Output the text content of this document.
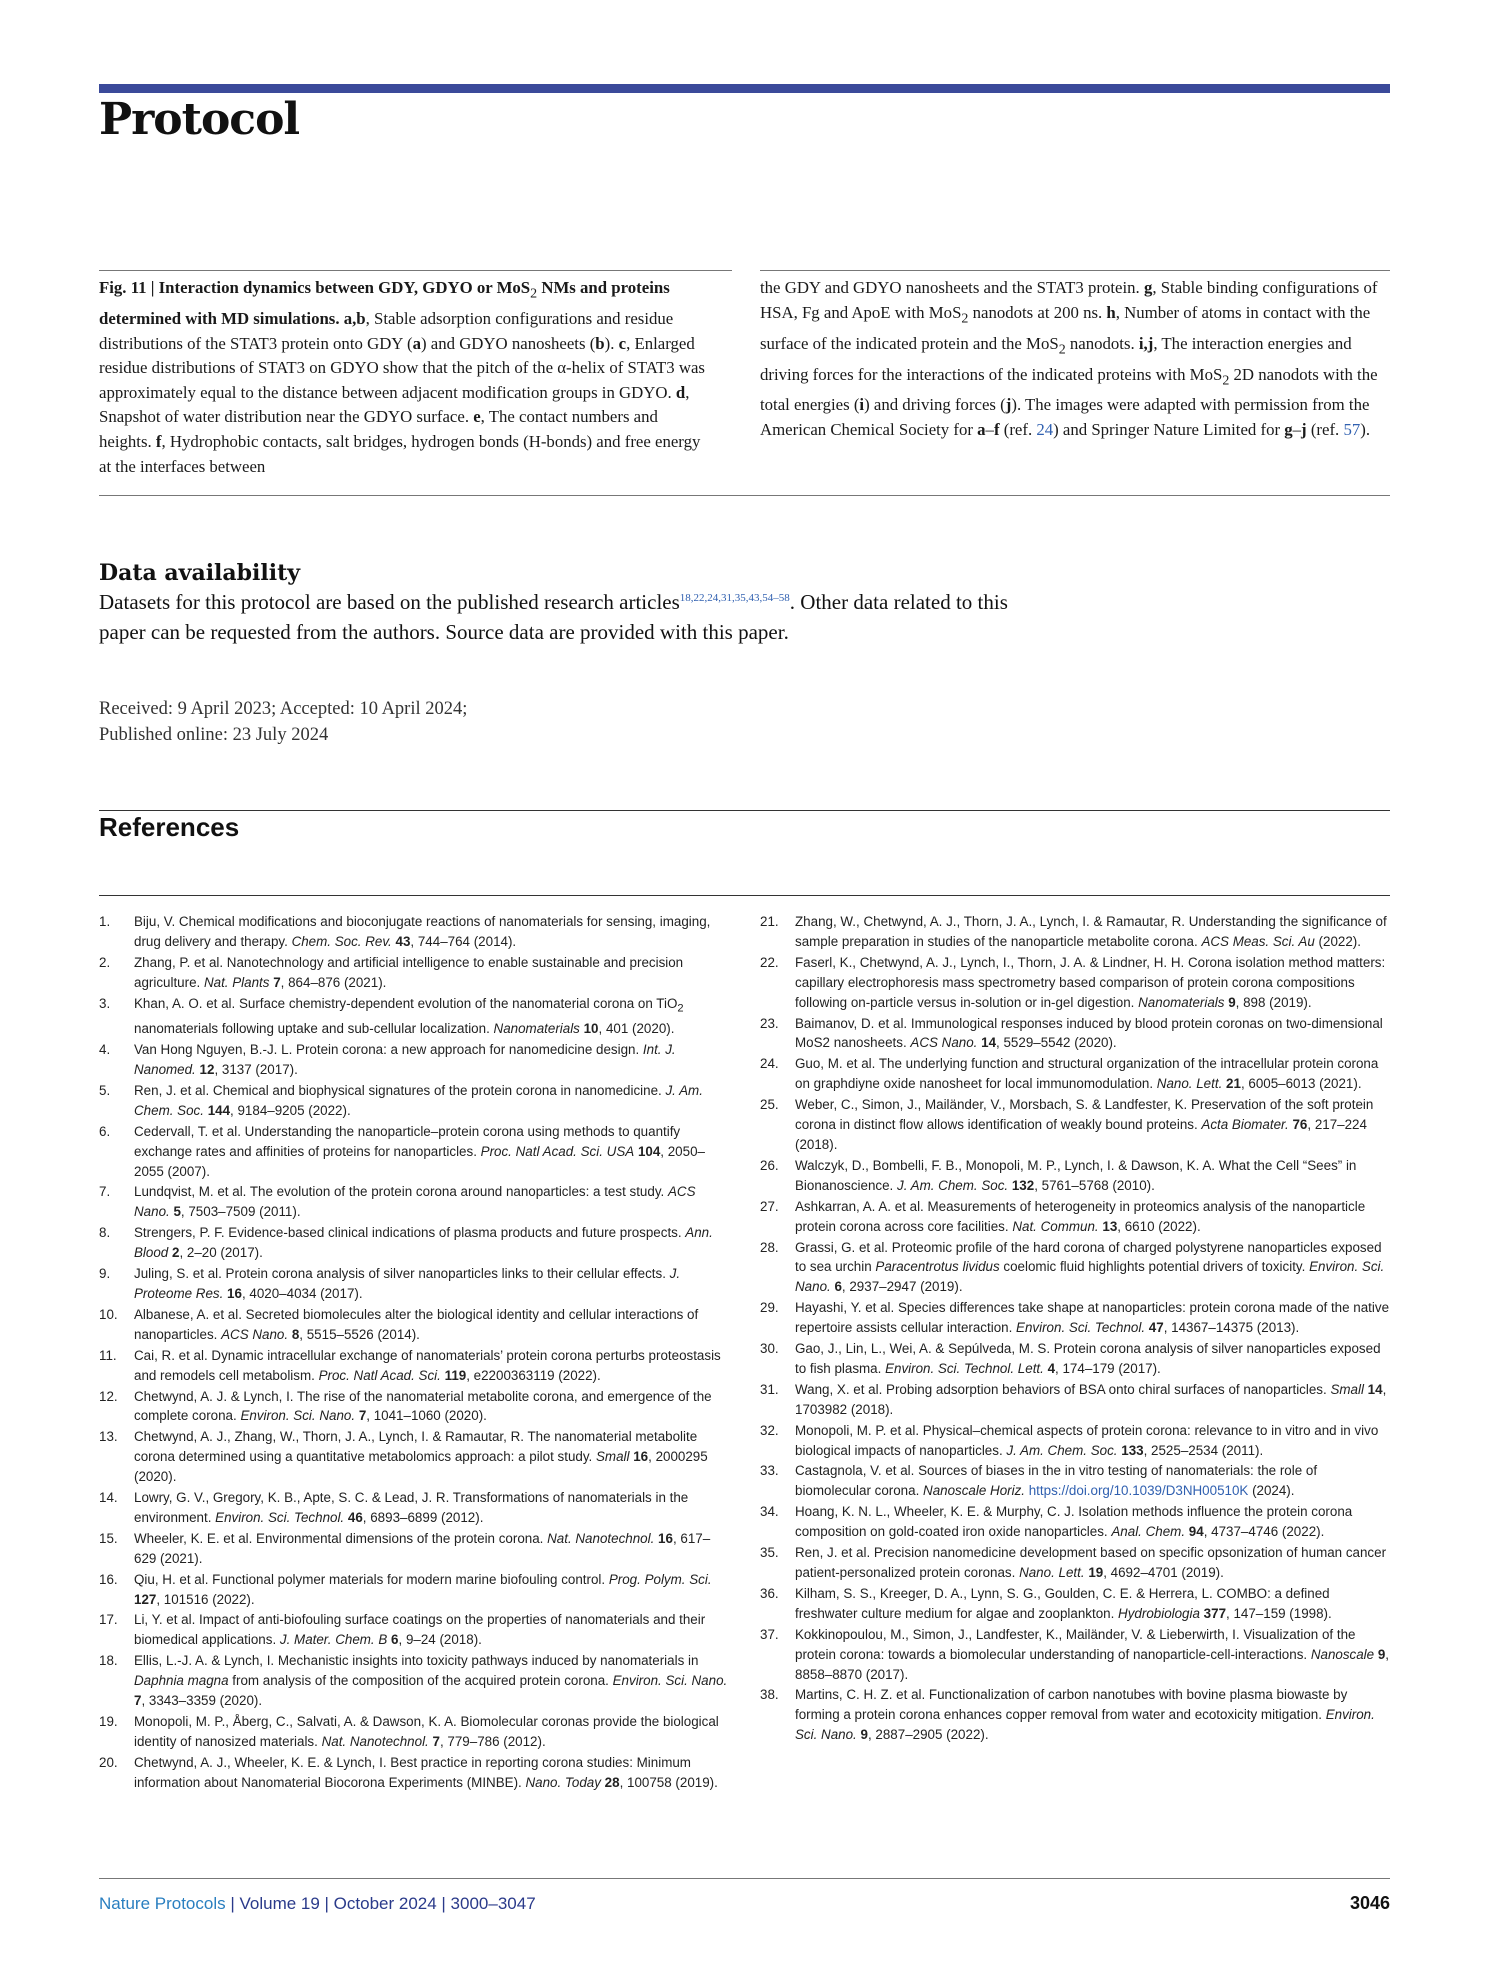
Protocol
Fig. 11 | Interaction dynamics between GDY, GDYO or MoS$_2$ NMs and proteins determined with MD simulations. a,b, Stable adsorption configurations and residue distributions of the STAT3 protein onto GDY (a) and GDYO nanosheets (b). c, Enlarged residue distributions of STAT3 on GDYO show that the pitch of the α-helix of STAT3 was approximately equal to the distance between adjacent modification groups in GDYO. d, Snapshot of water distribution near the GDYO surface. e, The contact numbers and heights. f, Hydrophobic contacts, salt bridges, hydrogen bonds (H-bonds) and free energy at the interfaces between
the GDY and GDYO nanosheets and the STAT3 protein. g, Stable binding configurations of HSA, Fg and ApoE with MoS$_2$ nanodots at 200 ns. h, Number of atoms in contact with the surface of the indicated protein and the MoS$_2$ nanodots. i,j, The interaction energies and driving forces for the interactions of the indicated proteins with MoS$_2$ 2D nanodots with the total energies (i) and driving forces (j). The images were adapted with permission from the American Chemical Society for a–f (ref. 24) and Springer Nature Limited for g–j (ref. 57).
Data availability

Datasets for this protocol are based on the published research articles$^{18,22,24,31,35,43,54-58}$. Other data related to this paper can be requested from the authors. Source data are provided with this paper.

Received: 9 April 2023; Accepted: 10 April 2024;
Published online: 23 July 2024
References
1.	Biju, V. Chemical modifications and bioconjugate reactions of nanomaterials for sensing, imaging, drug delivery and therapy. Chem. Soc. Rev. 43, 744–764 (2014).
2.	Zhang, P. et al. Nanotechnology and artificial intelligence to enable sustainable and precision agriculture. Nat. Plants 7, 864–876 (2021).
3.	Khan, A. O. et al. Surface chemistry-dependent evolution of the nanomaterial corona on TiO$_2$ nanomaterials following uptake and sub-cellular localization. Nanomaterials 10, 401 (2020).
4.	Van Hong Nguyen, B.-J. L. Protein corona: a new approach for nanomedicine design. Int. J. Nanomed. 12, 3137 (2017).
5.	Ren, J. et al. Chemical and biophysical signatures of the protein corona in nanomedicine. J. Am. Chem. Soc. 144, 9184–9205 (2022).
6.	Cedervall, T. et al. Understanding the nanoparticle–protein corona using methods to quantify exchange rates and affinities of proteins for nanoparticles. Proc. Natl Acad. Sci. USA 104, 2050–2055 (2007).
7.	Lundqvist, M. et al. The evolution of the protein corona around nanoparticles: a test study. ACS Nano. 5, 7503–7509 (2011).
8.	Strengers, P. F. Evidence-based clinical indications of plasma products and future prospects. Ann. Blood 2, 2–20 (2017).
9.	Juling, S. et al. Protein corona analysis of silver nanoparticles links to their cellular effects. J. Proteome Res. 16, 4020–4034 (2017).
10.	Albanese, A. et al. Secreted biomolecules alter the biological identity and cellular interactions of nanoparticles. ACS Nano. 8, 5515–5526 (2014).
11.	Cai, R. et al. Dynamic intracellular exchange of nanomaterials’ protein corona perturbs proteostasis and remodels cell metabolism. Proc. Natl Acad. Sci. 119, e2200363119 (2022).
12.	Chetwynd, A. J. & Lynch, I. The rise of the nanomaterial metabolite corona, and emergence of the complete corona. Environ. Sci. Nano. 7, 1041–1060 (2020).
13.	Chetwynd, A. J., Zhang, W., Thorn, J. A., Lynch, I. & Ramautar, R. The nanomaterial metabolite corona determined using a quantitative metabolomics approach: a pilot study. Small 16, 2000295 (2020).
14.	Lowry, G. V., Gregory, K. B., Apte, S. C. & Lead, J. R. Transformations of nanomaterials in the environment. Environ. Sci. Technol. 46, 6893–6899 (2012).
15.	Wheeler, K. E. et al. Environmental dimensions of the protein corona. Nat. Nanotechnol. 16, 617–629 (2021).
16.	Qiu, H. et al. Functional polymer materials for modern marine biofouling control. Prog. Polym. Sci. 127, 101516 (2022).
17.	Li, Y. et al. Impact of anti-biofouling surface coatings on the properties of nanomaterials and their biomedical applications. J. Mater. Chem. B 6, 9–24 (2018).
18.	Ellis, L.-J. A. & Lynch, I. Mechanistic insights into toxicity pathways induced by nanomaterials in Daphnia magna from analysis of the composition of the acquired protein corona. Environ. Sci. Nano. 7, 3343–3359 (2020).
19.	Monopoli, M. P., Åberg, C., Salvati, A. & Dawson, K. A. Biomolecular coronas provide the biological identity of nanosized materials. Nat. Nanotechnol. 7, 779–786 (2012).
20.	Chetwynd, A. J., Wheeler, K. E. & Lynch, I. Best practice in reporting corona studies: Minimum information about Nanomaterial Biocorona Experiments (MINBE). Nano. Today 28, 100758 (2019).
21.	Zhang, W., Chetwynd, A. J., Thorn, J. A., Lynch, I. & Ramautar, R. Understanding the significance of sample preparation in studies of the nanoparticle metabolite corona. ACS Meas. Sci. Au (2022).
22.	Faserl, K., Chetwynd, A. J., Lynch, I., Thorn, J. A. & Lindner, H. H. Corona isolation method matters: capillary electrophoresis mass spectrometry based comparison of protein corona compositions following on-particle versus in-solution or in-gel digestion. Nanomaterials 9, 898 (2019).
23.	Baimanov, D. et al. Immunological responses induced by blood protein coronas on two-dimensional MoS2 nanosheets. ACS Nano. 14, 5529–5542 (2020).
24.	Guo, M. et al. The underlying function and structural organization of the intracellular protein corona on graphdiyne oxide nanosheet for local immunomodulation. Nano. Lett. 21, 6005–6013 (2021).
25.	Weber, C., Simon, J., Mailänder, V., Morsbach, S. & Landfester, K. Preservation of the soft protein corona in distinct flow allows identification of weakly bound proteins. Acta Biomater. 76, 217–224 (2018).
26.	Walczyk, D., Bombelli, F. B., Monopoli, M. P., Lynch, I. & Dawson, K. A. What the Cell “Sees” in Bionanoscience. J. Am. Chem. Soc. 132, 5761–5768 (2010).
27.	Ashkarran, A. A. et al. Measurements of heterogeneity in proteomics analysis of the nanoparticle protein corona across core facilities. Nat. Commun. 13, 6610 (2022).
28.	Grassi, G. et al. Proteomic profile of the hard corona of charged polystyrene nanoparticles exposed to sea urchin Paracentrotus lividus coelomic fluid highlights potential drivers of toxicity. Environ. Sci. Nano. 6, 2937–2947 (2019).
29.	Hayashi, Y. et al. Species differences take shape at nanoparticles: protein corona made of the native repertoire assists cellular interaction. Environ. Sci. Technol. 47, 14367–14375 (2013).
30.	Gao, J., Lin, L., Wei, A. & Sepúlveda, M. S. Protein corona analysis of silver nanoparticles exposed to fish plasma. Environ. Sci. Technol. Lett. 4, 174–179 (2017).
31.	Wang, X. et al. Probing adsorption behaviors of BSA onto chiral surfaces of nanoparticles. Small 14, 1703982 (2018).
32.	Monopoli, M. P. et al. Physical–chemical aspects of protein corona: relevance to in vitro and in vivo biological impacts of nanoparticles. J. Am. Chem. Soc. 133, 2525–2534 (2011).
33.	Castagnola, V. et al. Sources of biases in the in vitro testing of nanomaterials: the role of biomolecular corona. Nanoscale Horiz. https://doi.org/10.1039/D3NH00510K (2024).
34.	Hoang, K. N. L., Wheeler, K. E. & Murphy, C. J. Isolation methods influence the protein corona composition on gold-coated iron oxide nanoparticles. Anal. Chem. 94, 4737–4746 (2022).
35.	Ren, J. et al. Precision nanomedicine development based on specific opsonization of human cancer patient-personalized protein coronas. Nano. Lett. 19, 4692–4701 (2019).
36.	Kilham, S. S., Kreeger, D. A., Lynn, S. G., Goulden, C. E. & Herrera, L. COMBO: a defined freshwater culture medium for algae and zooplankton. Hydrobiologia 377, 147–159 (1998).
37.	Kokkinopoulou, M., Simon, J., Landfester, K., Mailänder, V. & Lieberwirth, I. Visualization of the protein corona: towards a biomolecular understanding of nanoparticle-cell-interactions. Nanoscale 9, 8858–8870 (2017).
38.	Martins, C. H. Z. et al. Functionalization of carbon nanotubes with bovine plasma biowaste by forming a protein corona enhances copper removal from water and ecotoxicity mitigation. Environ. Sci. Nano. 9, 2887–2905 (2022).

Nature Protocols | Volume 19 | October 2024 | 3000–3047	3046
